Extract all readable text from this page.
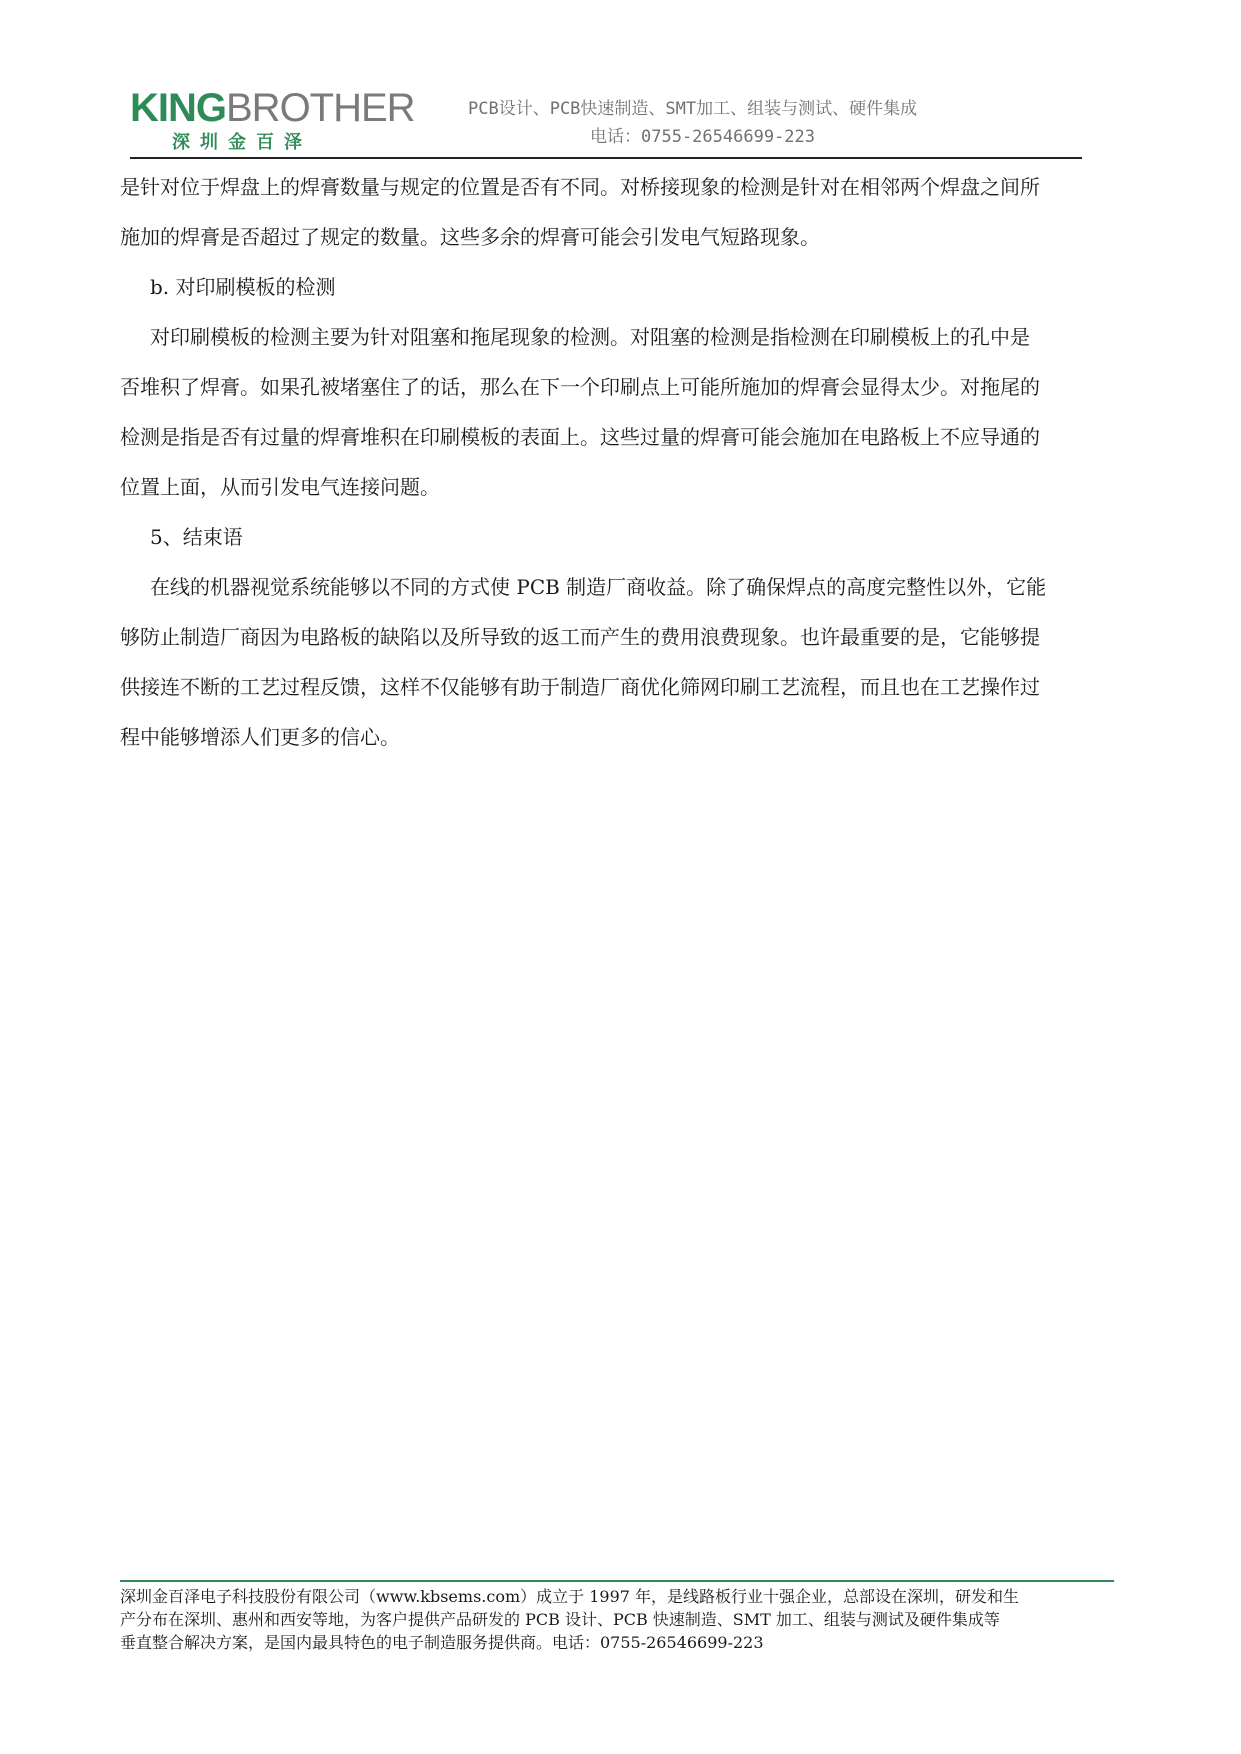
KINGBROTHER
深圳金百泽
PCB设计、PCB快速制造、SMT加工、组装与测试、硬件集成
电话：0755-26546699-223
是针对位于焊盘上的焊膏数量与规定的位置是否有不同。对桥接现象的检测是针对在相邻两个焊盘之间所
施加的焊膏是否超过了规定的数量。这些多余的焊膏可能会引发电气短路现象。
b. 对印刷模板的检测
对印刷模板的检测主要为针对阻塞和拖尾现象的检测。对阻塞的检测是指检测在印刷模板上的孔中是
否堆积了焊膏。如果孔被堵塞住了的话，那么在下一个印刷点上可能所施加的焊膏会显得太少。对拖尾的
检测是指是否有过量的焊膏堆积在印刷模板的表面上。这些过量的焊膏可能会施加在电路板上不应导通的
位置上面，从而引发电气连接问题。
5、结束语
在线的机器视觉系统能够以不同的方式使 PCB 制造厂商收益。除了确保焊点的高度完整性以外，它能
够防止制造厂商因为电路板的缺陷以及所导致的返工而产生的费用浪费现象。也许最重要的是，它能够提
供接连不断的工艺过程反馈，这样不仅能够有助于制造厂商优化筛网印刷工艺流程，而且也在工艺操作过
程中能够增添人们更多的信心。
深圳金百泽电子科技股份有限公司（www.kbsems.com）成立于 1997 年，是线路板行业十强企业，总部设在深圳，研发和生
产分布在深圳、惠州和西安等地，为客户提供产品研发的 PCB 设计、PCB 快速制造、SMT 加工、组装与测试及硬件集成等
垂直整合解决方案，是国内最具特色的电子制造服务提供商。电话：0755-26546699-223
